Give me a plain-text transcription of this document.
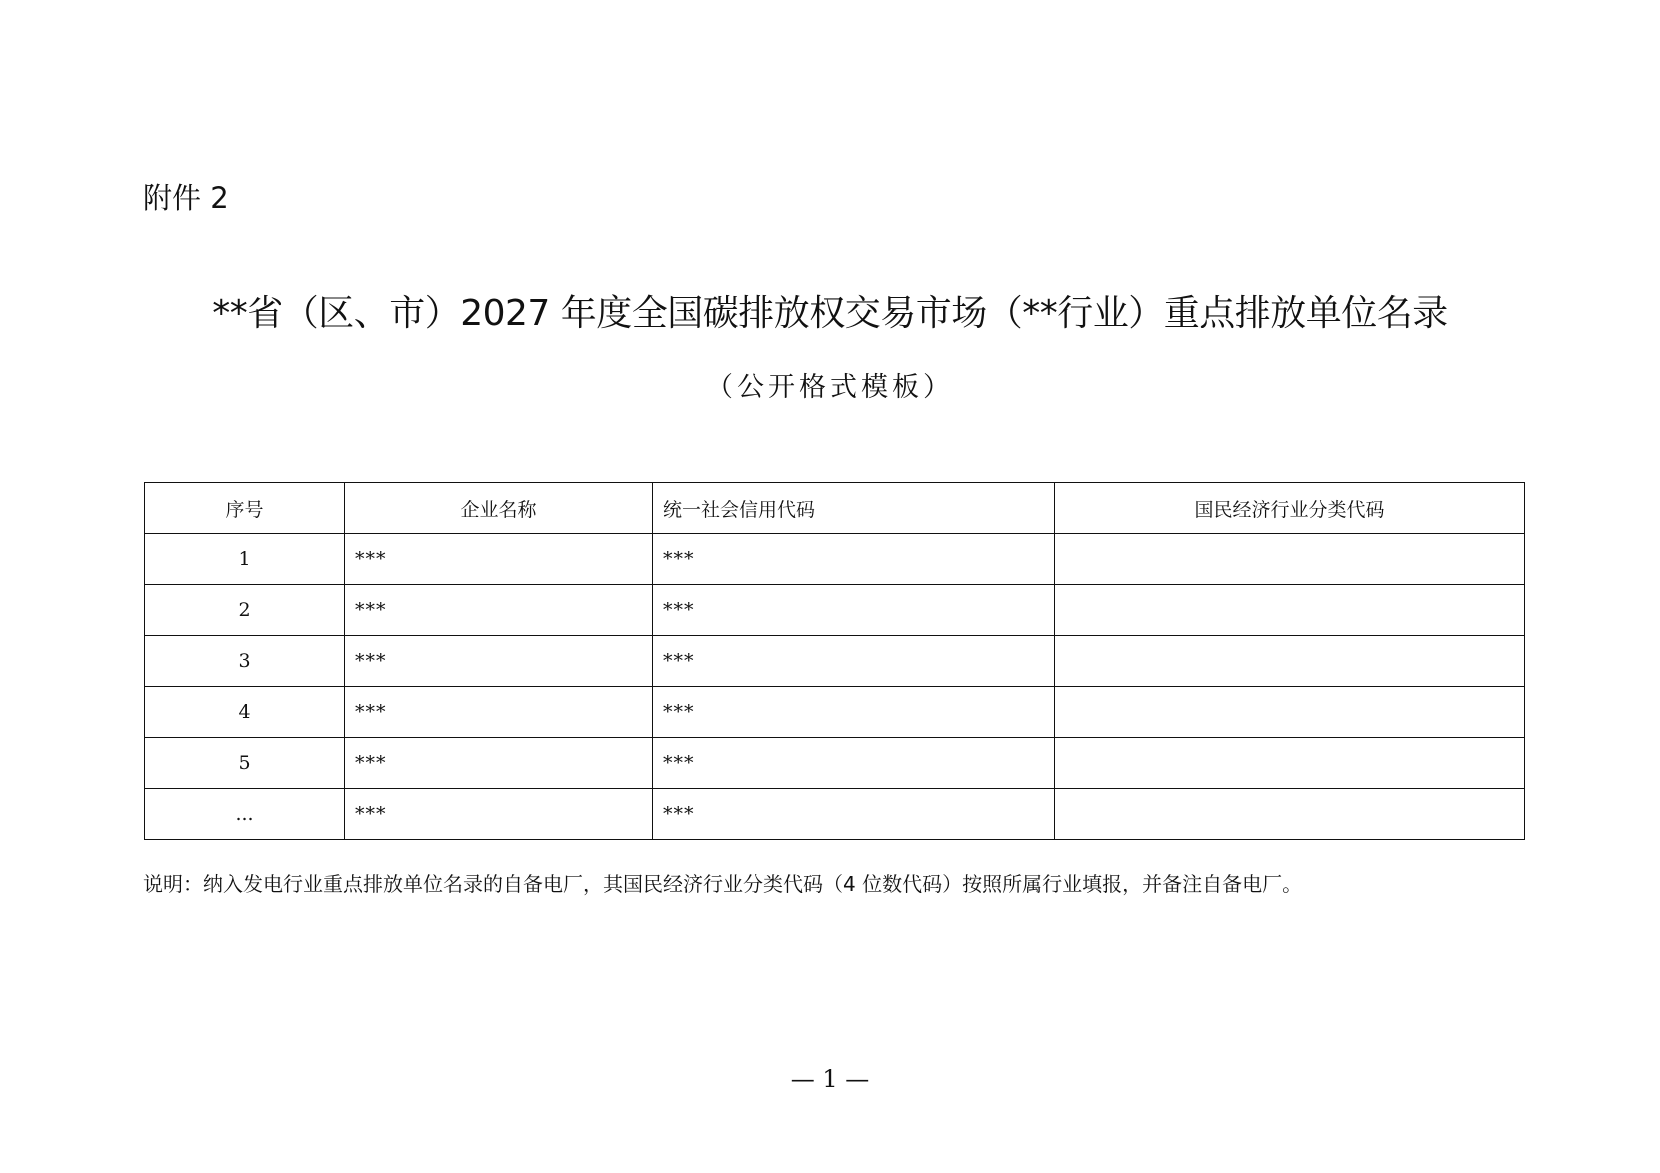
附件 2
**省（区、市）2027 年度全国碳排放权交易市场（**行业）重点排放单位名录
（公开格式模板）
序号	企业名称	统一社会信用代码	国民经济行业分类代码
1	***	***	
2	***	***	
3	***	***	
4	***	***	
5	***	***	
...	***	***	
说明：纳入发电行业重点排放单位名录的自备电厂，其国民经济行业分类代码（4 位数代码）按照所属行业填报，并备注自备电厂。
— 1 —
